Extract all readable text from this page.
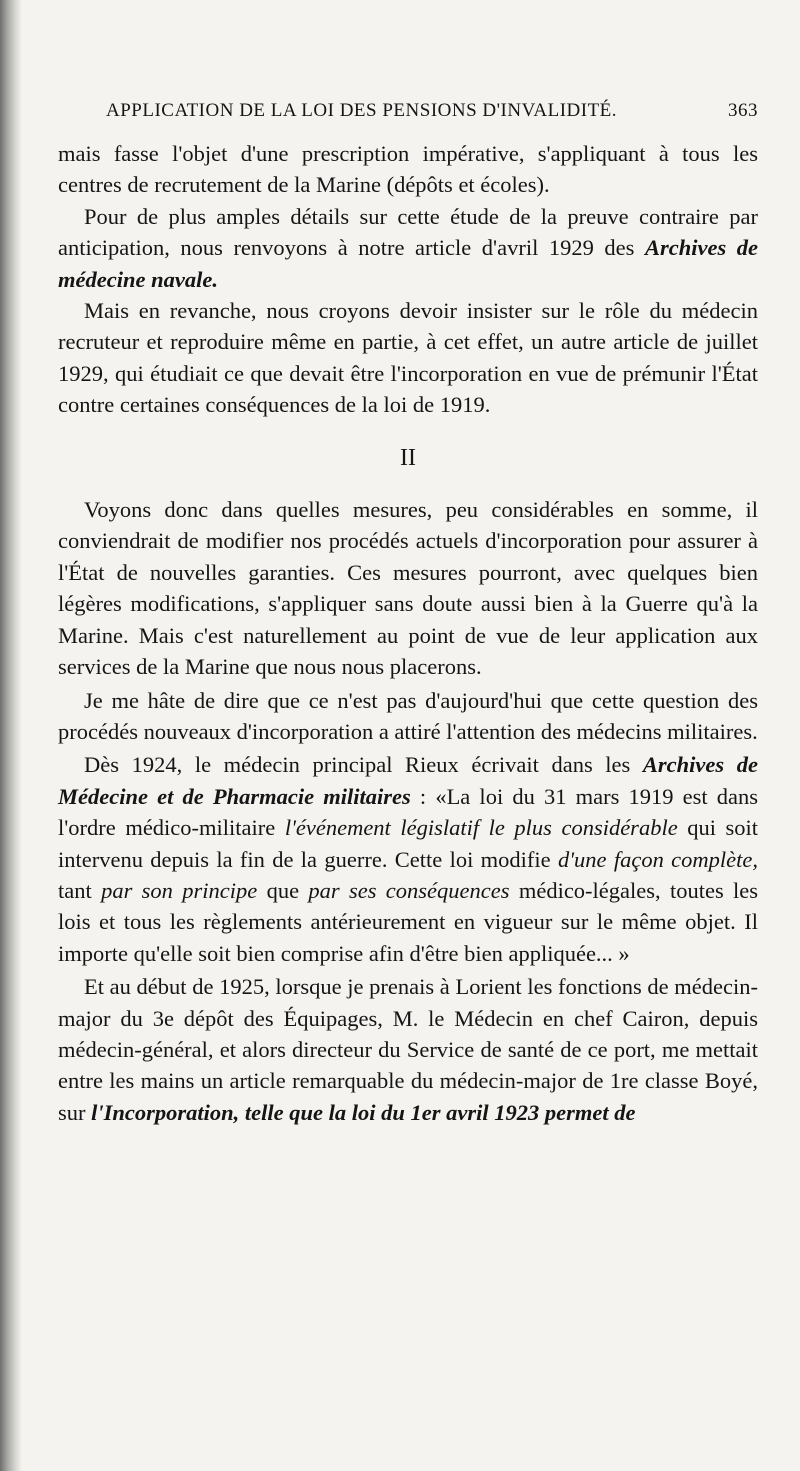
APPLICATION DE LA LOI DES PENSIONS D'INVALIDITÉ.	363

mais fasse l'objet d'une prescription impérative, s'appliquant à tous les centres de recrutement de la Marine (dépôts et écoles).

Pour de plus amples détails sur cette étude de la preuve contraire par anticipation, nous renvoyons à notre article d'avril 1929 des Archives de médecine navale.

Mais en revanche, nous croyons devoir insister sur le rôle du médecin recruteur et reproduire même en partie, à cet effet, un autre article de juillet 1929, qui étudiait ce que devait être l'incorporation en vue de prémunir l'État contre certaines conséquences de la loi de 1919.

II

Voyons donc dans quelles mesures, peu considérables en somme, il conviendrait de modifier nos procédés actuels d'incorporation pour assurer à l'État de nouvelles garanties. Ces mesures pourront, avec quelques bien légères modifications, s'appliquer sans doute aussi bien à la Guerre qu'à la Marine. Mais c'est naturellement au point de vue de leur application aux services de la Marine que nous nous placerons.

Je me hâte de dire que ce n'est pas d'aujourd'hui que cette question des procédés nouveaux d'incorporation a attiré l'attention des médecins militaires.

Dès 1924, le médecin principal Rieux écrivait dans les Archives de Médecine et de Pharmacie militaires : «La loi du 31 mars 1919 est dans l'ordre médico-militaire l'événement législatif le plus considérable qui soit intervenu depuis la fin de la guerre. Cette loi modifie d'une façon complète, tant par son principe que par ses conséquences médico-légales, toutes les lois et tous les règlements antérieurement en vigueur sur le même objet. Il importe qu'elle soit bien comprise afin d'être bien appliquée... »

Et au début de 1925, lorsque je prenais à Lorient les fonctions de médecin-major du 3e dépôt des Équipages, M. le Médecin en chef Cairon, depuis médecin-général, et alors directeur du Service de santé de ce port, me mettait entre les mains un article remarquable du médecin-major de 1re classe Boyé, sur l'Incorporation, telle que la loi du 1er avril 1923 permet de
